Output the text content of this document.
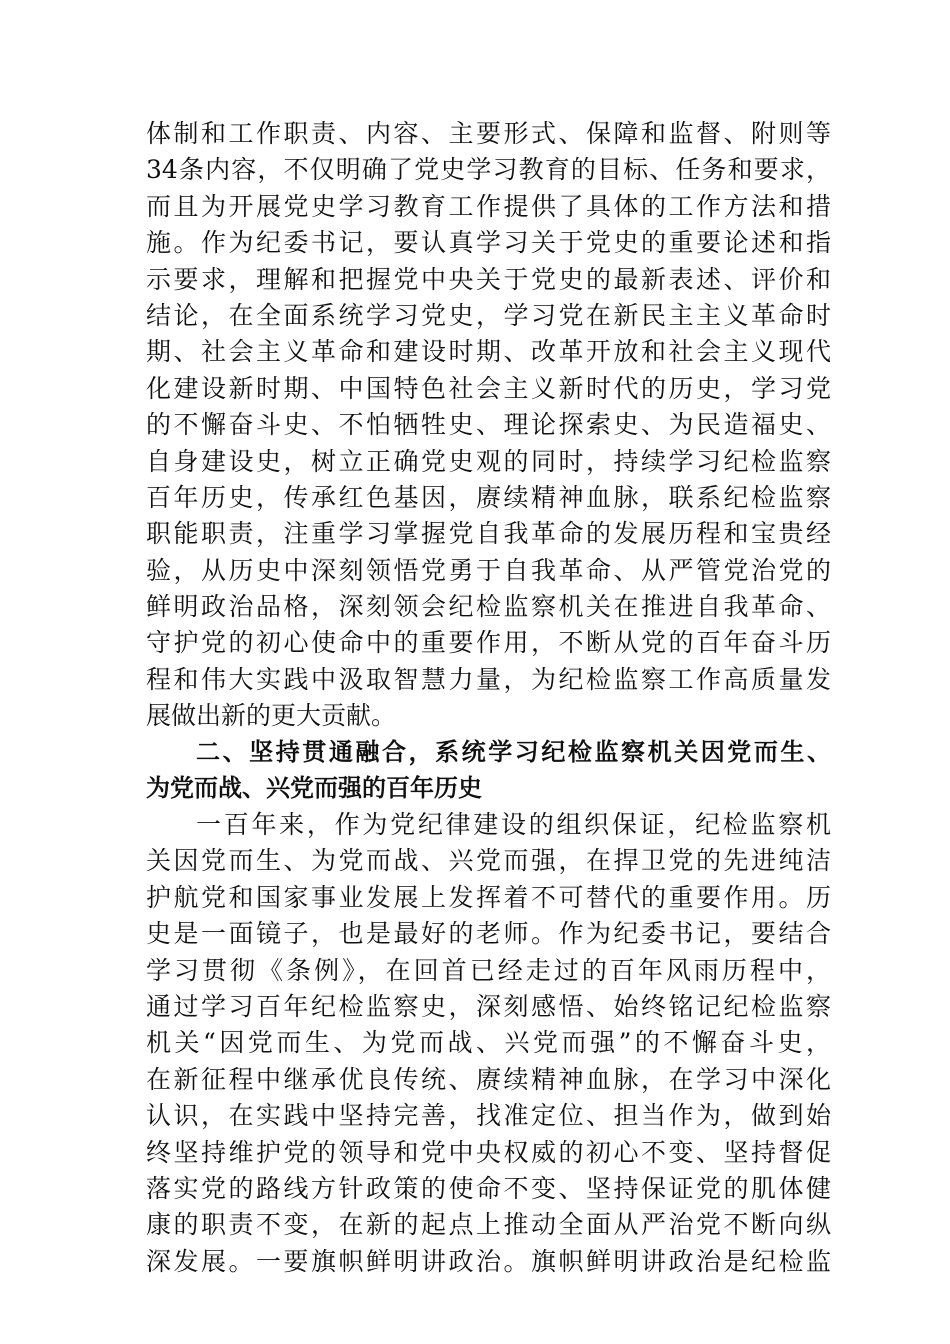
体制和工作职责、内容、主要形式、保障和监督、附则等
34条内容，不仅明确了党史学习教育的目标、任务和要求，
而且为开展党史学习教育工作提供了具体的工作方法和措
施。作为纪委书记，要认真学习关于党史的重要论述和指
示要求，理解和把握党中央关于党史的最新表述、评价和
结论，在全面系统学习党史，学习党在新民主主义革命时
期、社会主义革命和建设时期、改革开放和社会主义现代
化建设新时期、中国特色社会主义新时代的历史，学习党
的不懈奋斗史、不怕牺牲史、理论探索史、为民造福史、
自身建设史，树立正确党史观的同时，持续学习纪检监察
百年历史，传承红色基因，赓续精神血脉，联系纪检监察
职能职责，注重学习掌握党自我革命的发展历程和宝贵经
验，从历史中深刻领悟党勇于自我革命、从严管党治党的
鲜明政治品格，深刻领会纪检监察机关在推进自我革命、
守护党的初心使命中的重要作用，不断从党的百年奋斗历
程和伟大实践中汲取智慧力量，为纪检监察工作高质量发
展做出新的更大贡献。
二、坚持贯通融合，系统学习纪检监察机关因党而生、
为党而战、兴党而强的百年历史
一百年来，作为党纪律建设的组织保证，纪检监察机
关因党而生、为党而战、兴党而强，在捍卫党的先进纯洁
护航党和国家事业发展上发挥着不可替代的重要作用。历
史是一面镜子，也是最好的老师。作为纪委书记，要结合
学习贯彻《条例》，在回首已经走过的百年风雨历程中，
通过学习百年纪检监察史，深刻感悟、始终铭记纪检监察
机关“因党而生、为党而战、兴党而强”的不懈奋斗史，
在新征程中继承优良传统、赓续精神血脉，在学习中深化
认识，在实践中坚持完善，找准定位、担当作为，做到始
终坚持维护党的领导和党中央权威的初心不变、坚持督促
落实党的路线方针政策的使命不变、坚持保证党的肌体健
康的职责不变，在新的起点上推动全面从严治党不断向纵
深发展。一要旗帜鲜明讲政治。旗帜鲜明讲政治是纪检监
